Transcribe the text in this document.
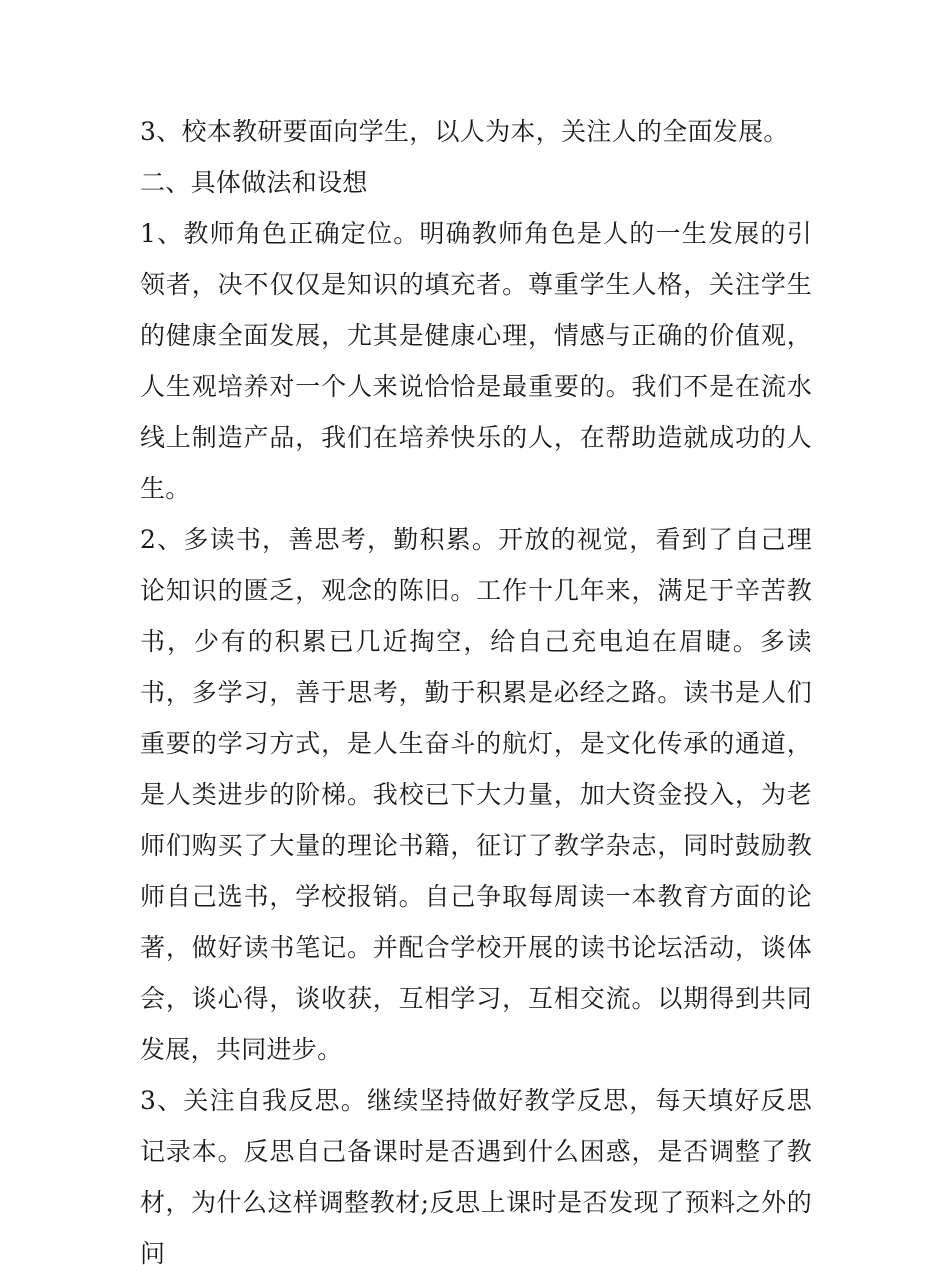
3、校本教研要面向学生，以人为本，关注人的全面发展。

二、具体做法和设想

1、教师角色正确定位。明确教师角色是人的一生发展的引领者，决不仅仅是知识的填充者。尊重学生人格，关注学生的健康全面发展，尤其是健康心理，情感与正确的价值观，人生观培养对一个人来说恰恰是最重要的。我们不是在流水线上制造产品，我们在培养快乐的人，在帮助造就成功的人生。

2、多读书，善思考，勤积累。开放的视觉，看到了自己理论知识的匮乏，观念的陈旧。工作十几年来，满足于辛苦教书，少有的积累已几近掏空，给自己充电迫在眉睫。多读书，多学习，善于思考，勤于积累是必经之路。读书是人们重要的学习方式，是人生奋斗的航灯，是文化传承的通道，是人类进步的阶梯。我校已下大力量，加大资金投入，为老师们购买了大量的理论书籍，征订了教学杂志，同时鼓励教师自己选书，学校报销。自己争取每周读一本教育方面的论著，做好读书笔记。并配合学校开展的读书论坛活动，谈体会，谈心得，谈收获，互相学习，互相交流。以期得到共同发展，共同进步。

3、关注自我反思。继续坚持做好教学反思，每天填好反思记录本。反思自己备课时是否遇到什么困惑，是否调整了教材，为什么这样调整教材;反思上课时是否发现了预料之外的问
